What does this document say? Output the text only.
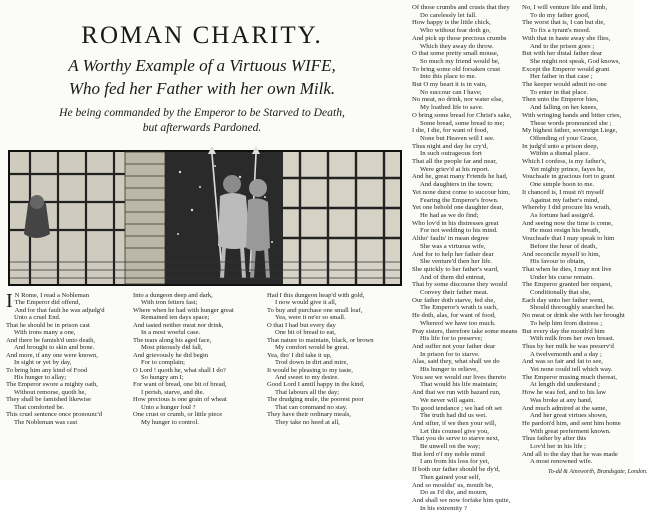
ROMAN CHARITY.
A Worthy Example of a Virtuous WIFE,
Who fed her Father with her own Milk.
He being commanded by the Emperor to be Starved to Death,
but afterwards Pardoned.
I N Rome, I read a Nobleman
The Emperor did offend,
And for that fault he was adjudg'd
Unto a cruel End.
That he should be in prison cast
With irons many a one,
And there be famish'd unto death,
And brought to skin and bone.
And more, if any one were known,
In sight or yet by day,
To bring him any kind of Food
His hunger to allay;
The Emperor swore a mighty oath,
Without remorse, quoth he,
They shall be famished likewise
That comforted be.
This cruel sentence once pronounc'd
The Nobleman was cast
Into a dungeon deep and dark,
With iron fetters fast;
Where when he had with hunger great
Remained ten days space;
And tasted neither meat nor drink,
In a most woeful case.
The tears along his aged face,
Most piteously did fall,
And grievously he did begin
For to complain;
O Lord ! quoth he, what shall I do?
So hungry am I;
For want of bread, one bit of bread,
I perish, starve, and die.
How precious is one grain of wheat
Unto a hunger foul ?
One crust or crumb, or little piece
My hunger to control.
Had I this dungeon heap'd with gold,
I now would give it all,
To buy and purchase one small loaf,
Yea, were it ne'er so small.
O that I had but every day
One bit of bread to eat,
That nature to maintain, black, or brown
My comfort would be great.
Yea, tho' I did take it up,
Trod down in dirt and mire,
It would be pleasing to my taste,
And sweet to my desire.
Good Lord I amtil happy in the kind,
That labours all the day;
The drudging mule, the poorest poor
That can command no stay.
They have their ordinary meals,
They take no heed at all,
Of those crumbs and crusts that they
Do carelessly let fall.
How happy is the little chick,
Who without fear doth go,
And pick up those precious crumbs
Which they away do throw.
O that some pretty small mouse,
So much my friend would be,
To bring some old forsaken crust
Into this place to me.
But O my heart it is in vain,
No succour can I have;
No meat, no drink, nor water else,
My loathed life to save.
O bring some bread for Christ's sake,
Some bread, some bread to me;
I die, I die, for want of food,
None but Heaven will I see.
Thus night and day he cry'd,
In such outrageous fort
That all the people far and near,
Were griev'd at his report.
And he, great many Friends he had,
And daughters in the town;
Yet none durst come to succour him,
Fearing the Emperor's frown.
Yet one behold one daughter dear,
He had as we do find;
Who lov'd in his distresses great
For not wedding to his mind.
Altho' faults' in mean degree
She was a virtuous wife,
And for to help her father dear
She venture'd then her life.
She quickly to her father's ward,
And of them did entreat,
That by some discourse they would
Convey their father meat.
Our father doth starve, fed she,
The Emperor's wrath is such,
He doth, alas, for want of food,
Whereof we have too much.
Pray sisters, therefore take some means
His life for to preserve;
And suffer not your father dear
In prison for to starve.
Alas, said they, what shall we do
His hunger to relieve,
You see we would our lives thereto
That would his life maintain;
And that we run with hazard run,
We never will again.
To good tendance ; we had oft set
The truth had did us wet.
And sifter, if we then your will,
Let this counsel give you,
That you do serve to starve next,
Be unwell on the way;
But lord o'f my noble mind
I am from his loss for yet,
If both our father should be dy'd,
Then gained your self,
And so mouldst' us, mouth be,
Do as I'd die, and mourn,
And shall we now forfake him quite,
In his extremity ?
No, I will venture life and limb,
To do my father good,
The worst that is, I can but die,
To fix a tyrant's mood.
With that in haste away she flies,
And to the prison goes ;
But with her distal father dear
She might not speak, God knows,
Except the Emperor would grant
Her father in that case ;
The keeper would admit no one
To enter in that place.
Then unto the Emperor hies,
And falling on her knees,
With wringing hands and bitter cries,
These words pronounced she ;
My highest father, sovereign Liege,
Offending of your Grace,
In judg'd unto a prison deep,
Within a dismal place.
Which I confess, is my father's,
Yet mighty prince, fayes he,
Vouchsafe in gracious fort to grant
One simple boon to me.
It chanced is, I must n't myself
Against my father's mind,
Whereby I did procure his wrath,
As fortune had assign'd.
And seeing now the time is come,
He must resign his breath,
Vouchsafe that I may speak to him
Before the hour of death,
And reconcile myself to him,
His favour to obtain,
That when he dies, I may not live
Under his curse remain.
The Emperor granted her request,
Conditionally that she,
Each day unto her father went,
Should thoroughly searched be.
No meat or drink she with her brought
To help him from distress ;
But every day the mouth'd him
With milk from her own breast.
Thus by her milk he was preserv'd
A twelvemonth and a day ;
And was so fair and fat to see,
Yet none could tell which way.
The Emperor musing much thereat,
At length did understand ;
How he was fed, and to his law
Was broke at any hand,
And much admired at the same,
And her great virtues shown,
He pardon'd him, and sent him home
With great preferment known.
Thus father by after this
Lov'd her in his life ;
And all to the day that he was made
A most renowned wife.
To-dd & Ainsworth, Brandsgate, London.
